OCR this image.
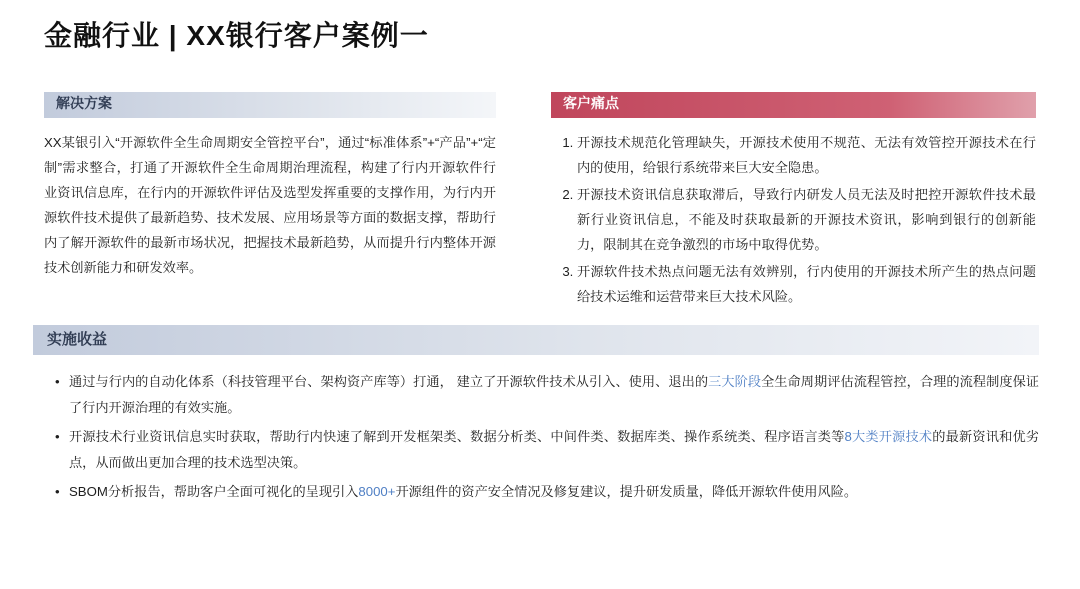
金融行业 | XX银行客户案例一
解决方案
XX某银引入“开源软件全生命周期安全管控平台”，通过“标准体系”+“产品”+“定制”需求整合，打通了开源软件全生命周期治理流程，构建了行内开源软件行业资讯信息库，在行内的开源软件评估及选型发挥重要的支撑作用，为行内开源软件技术提供了最新趋势、技术发展、应用场景等方面的数据支撑，帮助行内了解开源软件的最新市场状况，把握技术最新趋势，从而提升行内整体开源技术创新能力和研发效率。
客户痛点
1. 开源技术规范化管理缺失，开源技术使用不规范、无法有效管控开源技术在行内的使用，给银行系统带来巨大安全隐患。
2. 开源技术资讯信息获取滞后，导致行内研发人员无法及时把控开源软件技术最新行业资讯信息，不能及时获取最新的开源技术资讯，影响到银行的创新能力，限制其在竞争激烈的市场中取得优势。
3. 开源软件技术热点问题无法有效辨别，行内使用的开源技术所产生的热点问题给技术运维和运营带来巨大技术风险。
实施收益
• 通过与行内的自动化体系（科技管理平台、架构资产库等）打通， 建立了开源软件技术从引入、使用、退出的三大阶段全生命周期评估流程管控，合理的流程制度保证了行内开源治理的有效实施。
• 开源技术行业资讯信息实时获取，帮助行内快速了解到开发框架类、数据分析类、中间件类、数据库类、操作系统类、程序语言类等8大类开源技术的最新资讯和优劣点，从而做出更加合理的技术选型决策。
• SBOM分析报告，帮助客户全面可视化的呈现引入8000+开源组件的资产安全情况及修复建议，提升研发质量，降低开源软件使用风险。
